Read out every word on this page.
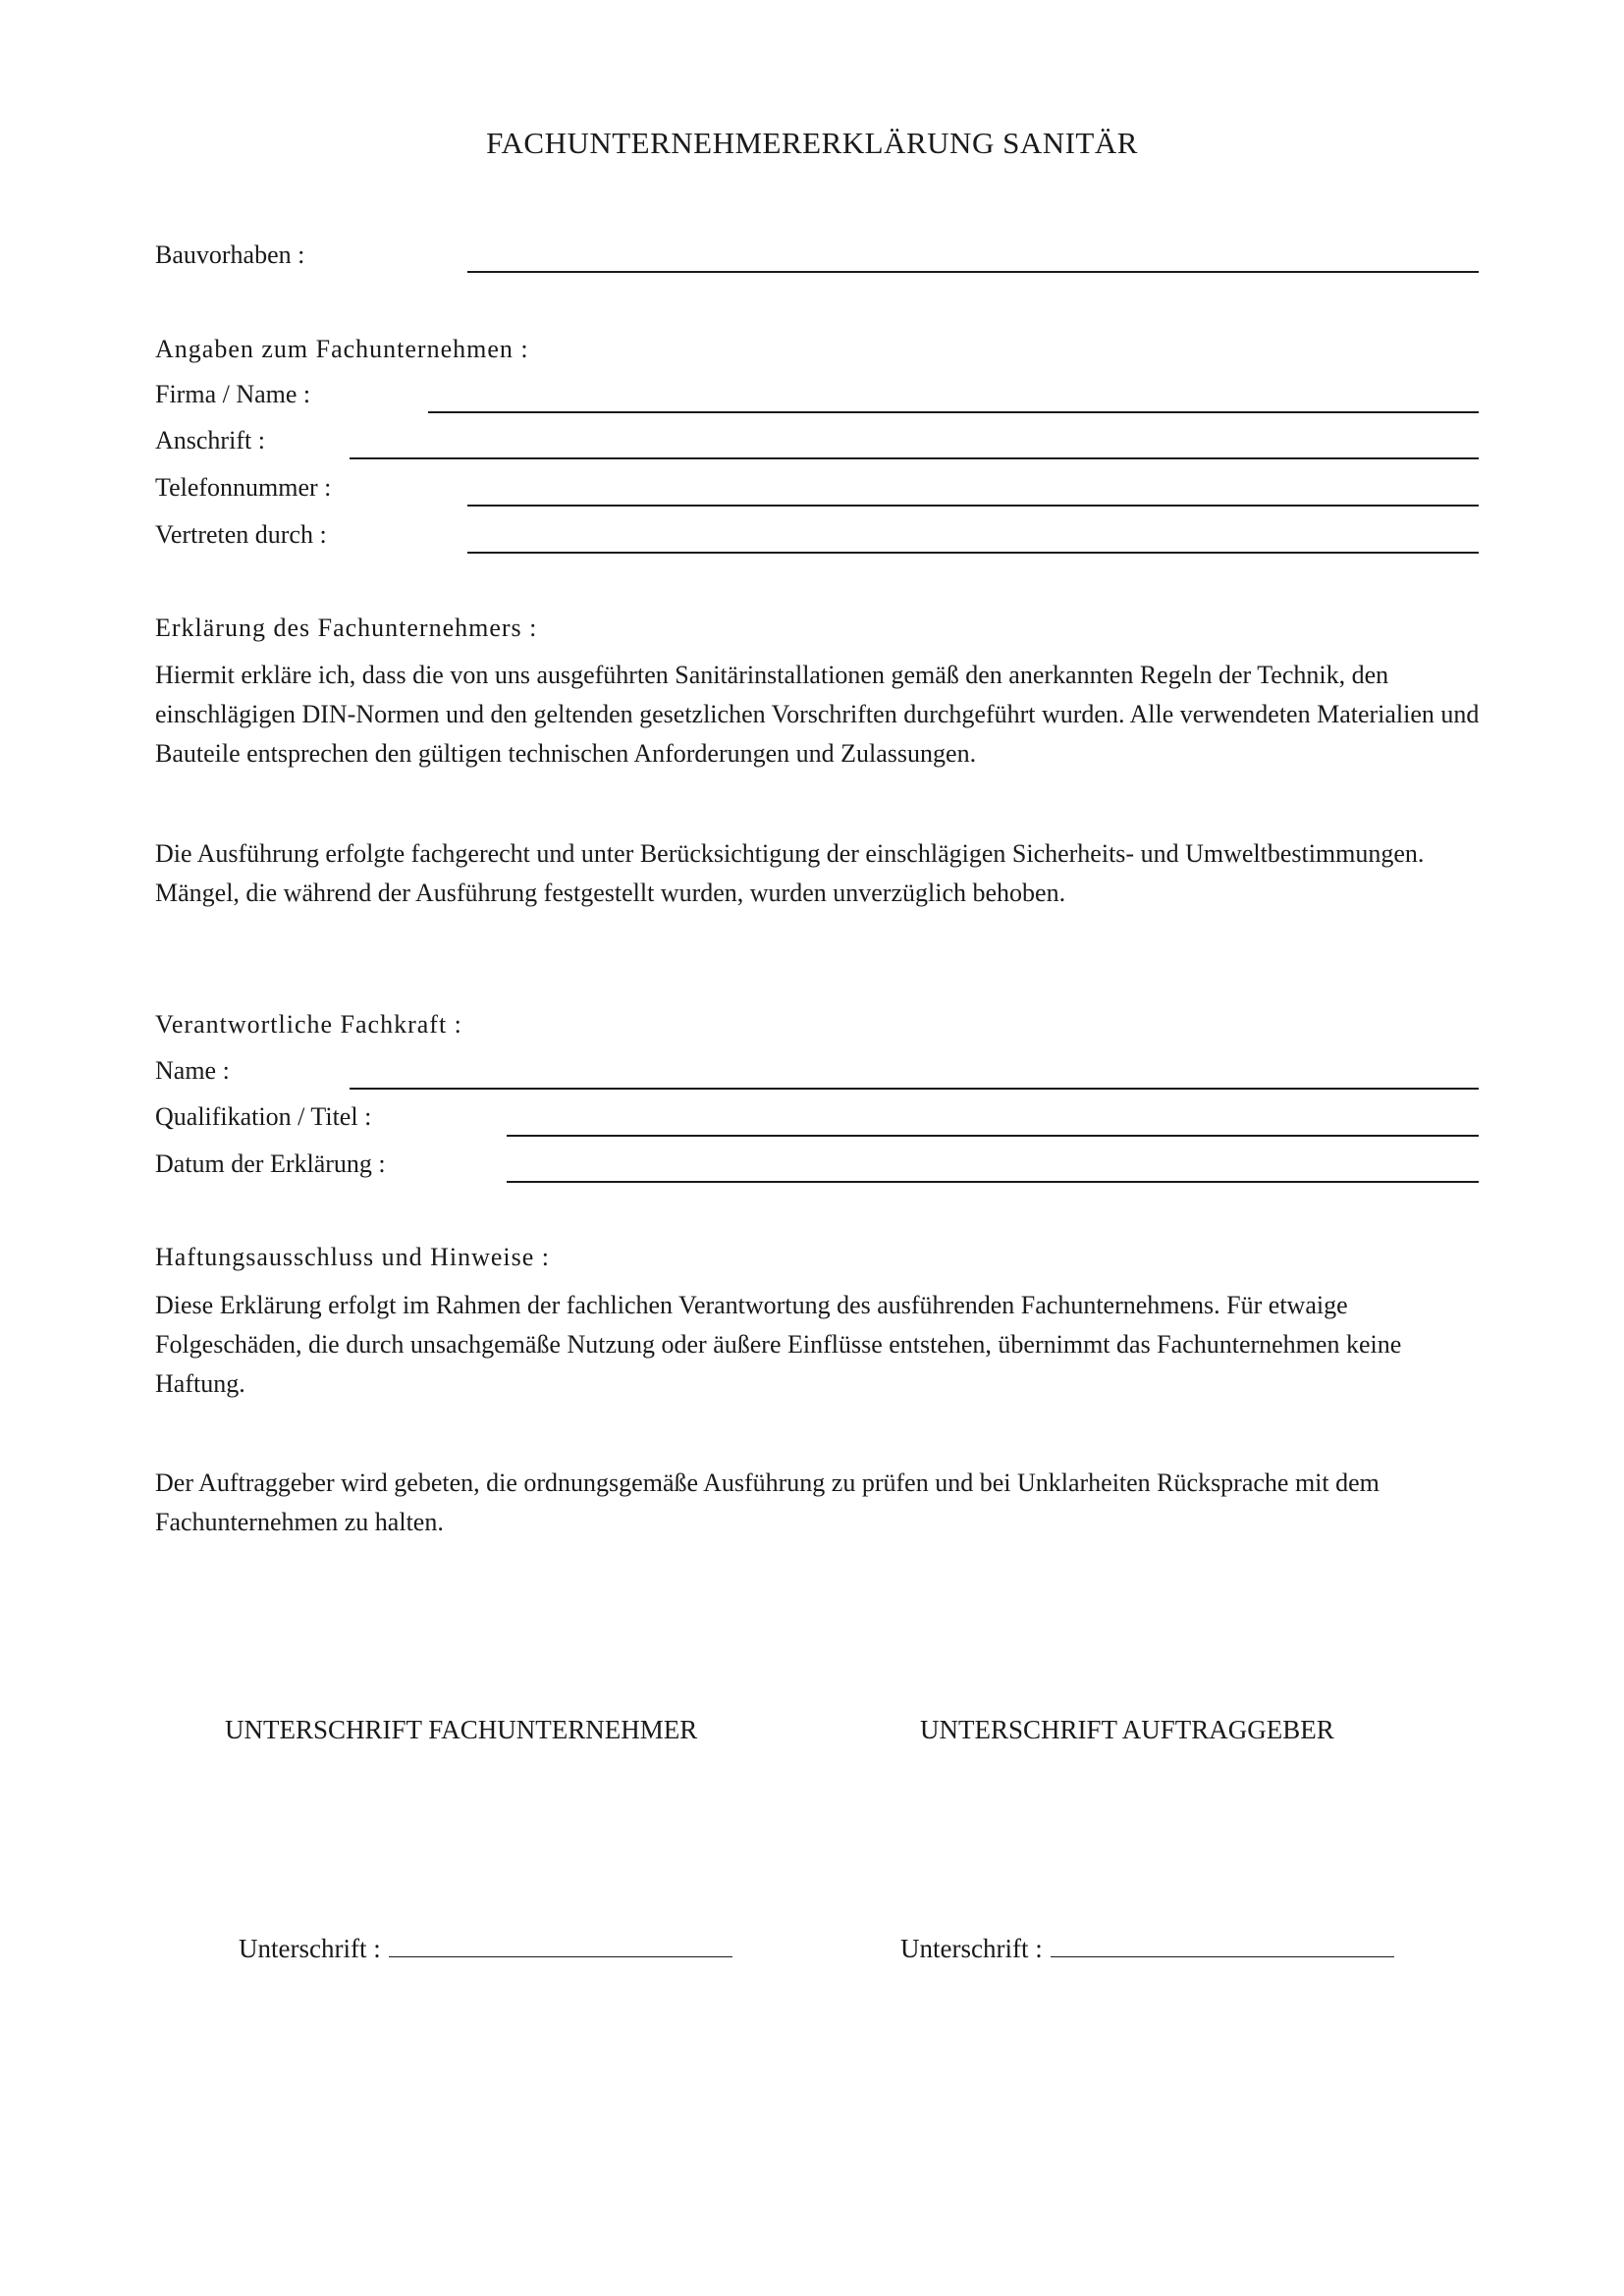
FACHUNTERNEHMERERKLÄRUNG SANITÄR
Bauvorhaben :
Angaben zum Fachunternehmen :
Firma / Name :
Anschrift :
Telefonnummer :
Vertreten durch :
Erklärung des Fachunternehmers :
Hiermit erkläre ich, dass die von uns ausgeführten Sanitärinstallationen gemäß den anerkannten Regeln der Technik, den einschlägigen DIN-Normen und den geltenden gesetzlichen Vorschriften durchgeführt wurden. Alle verwendeten Materialien und Bauteile entsprechen den gültigen technischen Anforderungen und Zulassungen.
Die Ausführung erfolgte fachgerecht und unter Berücksichtigung der einschlägigen Sicherheits- und Umweltbestimmungen. Mängel, die während der Ausführung festgestellt wurden, wurden unverzüglich behoben.
Verantwortliche Fachkraft :
Name :
Qualifikation / Titel :
Datum der Erklärung :
Haftungsausschluss und Hinweise :
Diese Erklärung erfolgt im Rahmen der fachlichen Verantwortung des ausführenden Fachunternehmens. Für etwaige Folgeschäden, die durch unsachgemäße Nutzung oder äußere Einflüsse entstehen, übernimmt das Fachunternehmen keine Haftung.
Der Auftraggeber wird gebeten, die ordnungsgemäße Ausführung zu prüfen und bei Unklarheiten Rücksprache mit dem Fachunternehmen zu halten.
UNTERSCHRIFT FACHUNTERNEHMER	UNTERSCHRIFT AUFTRAGGEBER
Unterschrift :	Unterschrift :
